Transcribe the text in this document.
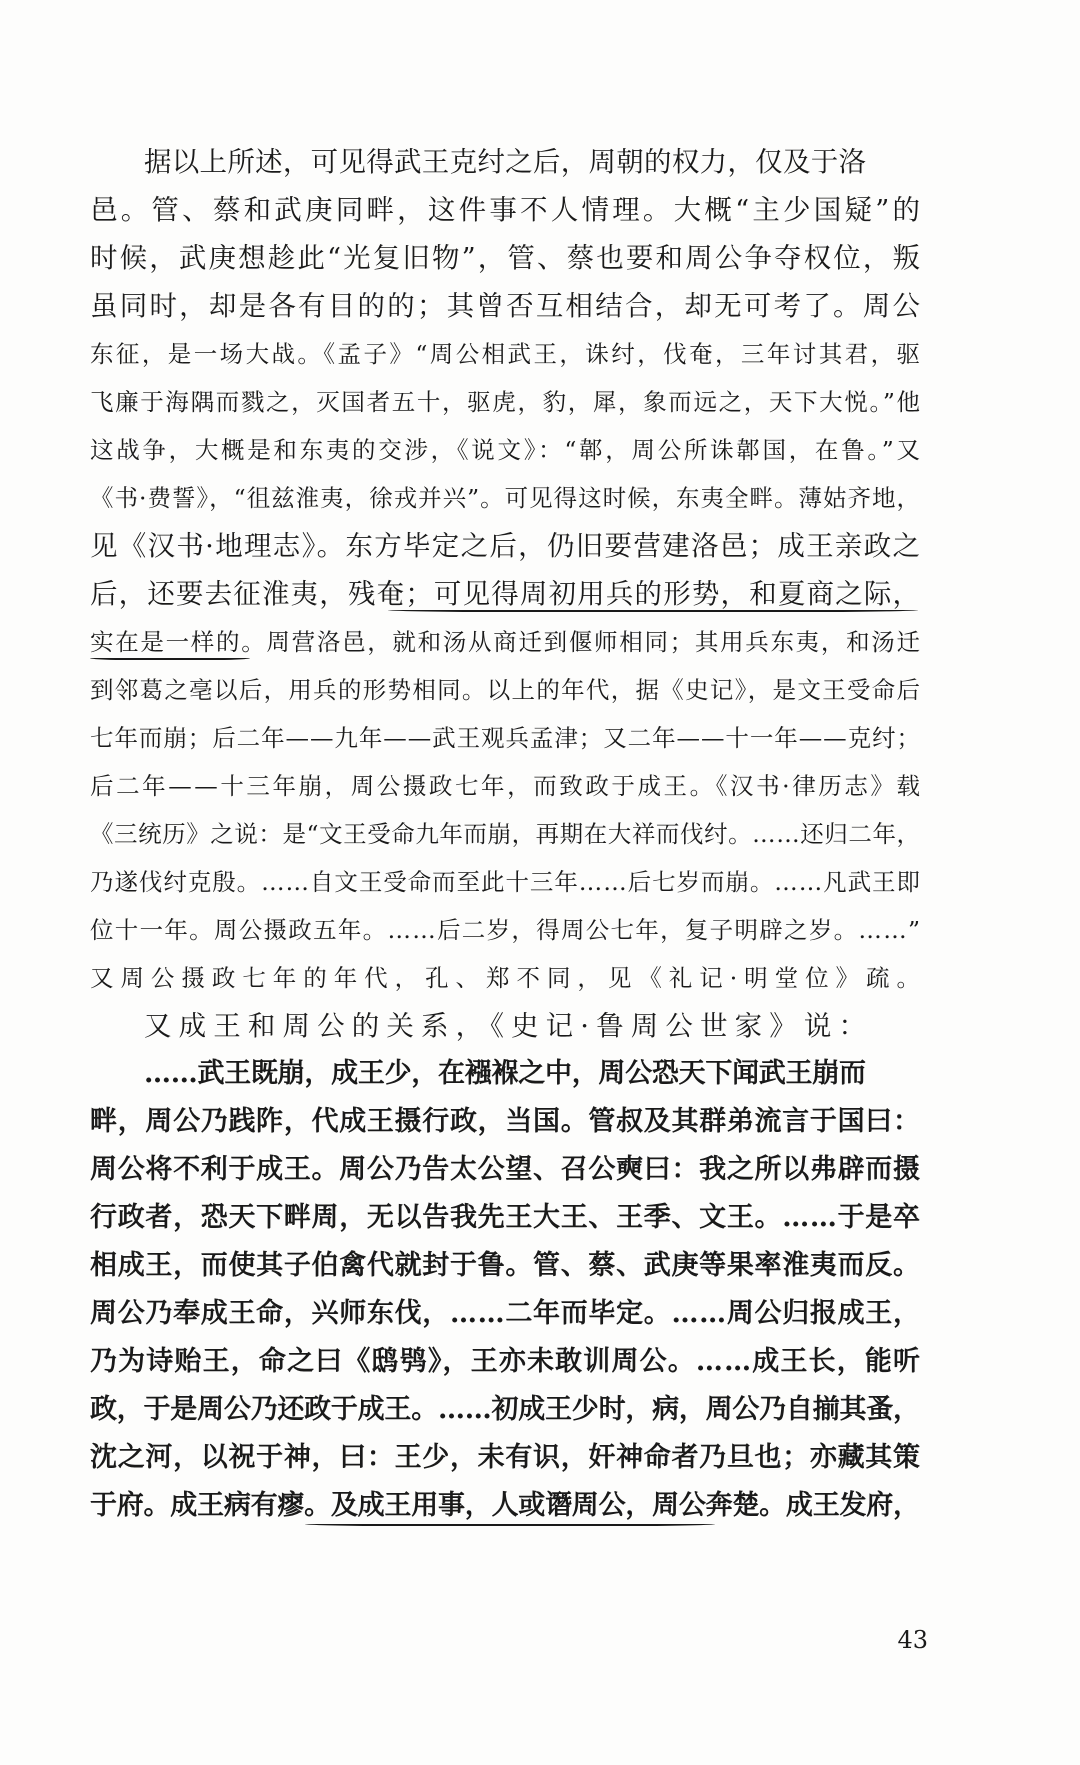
据以上所述，可见得武王克纣之后，周朝的权力，仅及于洛
邑。管、蔡和武庚同畔，这件事不人情理。大概“主少国疑”的
时候，武庚想趁此“光复旧物”，管、蔡也要和周公争夺权位，叛
虽同时，却是各有目的的；其曾否互相结合，却无可考了。周公
东征，是一场大战。《孟子》“周公相武王，诛纣，伐奄，三年讨其君，驱
飞廉于海隅而戮之，灭国者五十，驱虎，豹，犀，象而远之，天下大悦。”他
这战争，大概是和东夷的交涉，《说文》：“郼，周公所诛郼国，在鲁。”又
《书·费誓》，“徂兹淮夷，徐戎并兴”。可见得这时候，东夷全畔。薄姑齐地，
见《汉书·地理志》。东方毕定之后，仍旧要营建洛邑；成王亲政之
后，还要去征淮夷，残奄；可见得周初用兵的形势，和夏商之际，
实在是一样的。周营洛邑，就和汤从商迁到偃师相同；其用兵东夷，和汤迁
到邻葛之亳以后，用兵的形势相同。以上的年代，据《史记》，是文王受命后
七年而崩；后二年——九年——武王观兵孟津；又二年——十一年——克纣；
后二年——十三年崩，周公摄政七年，而致政于成王。《汉书·律历志》载
《三统历》之说：是“文王受命九年而崩，再期在大祥而伐纣。……还归二年，
乃遂伐纣克殷。……自文王受命而至此十三年……后七岁而崩。……凡武王即
位十一年。周公摄政五年。……后二岁，得周公七年，复子明辟之岁。……”
又周公摄政七年的年代，孔、郑不同，见《礼记·明堂位》疏。
又成王和周公的关系，《史记·鲁周公世家》说：
……武王既崩，成王少，在襁褓之中，周公恐天下闻武王崩而
畔，周公乃践阼，代成王摄行政，当国。管叔及其群弟流言于国曰：
周公将不利于成王。周公乃告太公望、召公奭曰：我之所以弗辟而摄
行政者，恐天下畔周，无以告我先王大王、王季、文王。……于是卒
相成王，而使其子伯禽代就封于鲁。管、蔡、武庚等果率淮夷而反。
周公乃奉成王命，兴师东伐，……二年而毕定。……周公归报成王，
乃为诗贻王，命之曰《鸱鸮》，王亦未敢训周公。……成王长，能听
政，于是周公乃还政于成王。……初成王少时，病，周公乃自揃其蚤，
沈之河，以祝于神，曰：王少，未有识，奸神命者乃旦也；亦藏其策
于府。成王病有瘳。及成王用事，人或谮周公，周公奔楚。成王发府，
43
